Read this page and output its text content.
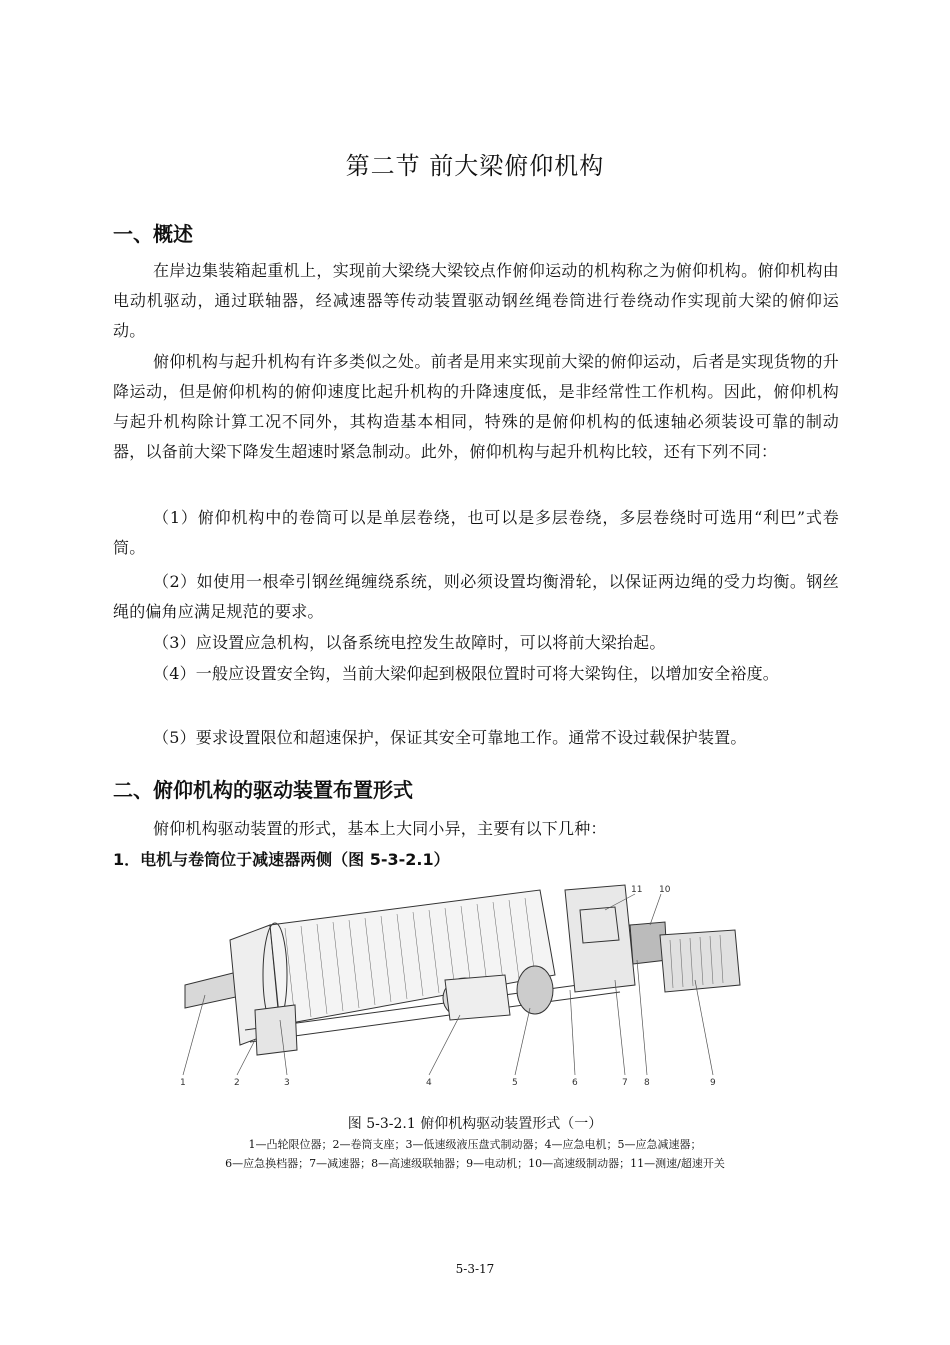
第二节 前大梁俯仰机构
一、概述

在岸边集装箱起重机上，实现前大梁绕大梁铰点作俯仰运动的机构称之为俯仰机构。俯仰机构由电动机驱动，通过联轴器，经减速器等传动装置驱动钢丝绳卷筒进行卷绕动作实现前大梁的俯仰运动。

俯仰机构与起升机构有许多类似之处。前者是用来实现前大梁的俯仰运动，后者是实现货物的升降运动，但是俯仰机构的俯仰速度比起升机构的升降速度低，是非经常性工作机构。因此，俯仰机构与起升机构除计算工况不同外，其构造基本相同，特殊的是俯仰机构的低速轴必须装设可靠的制动器，以备前大梁下降发生超速时紧急制动。此外，俯仰机构与起升机构比较，还有下列不同：

（1）俯仰机构中的卷筒可以是单层卷绕，也可以是多层卷绕，多层卷绕时可选用“利巴”式卷筒。

（2）如使用一根牵引钢丝绳缠绕系统，则必须设置均衡滑轮，以保证两边绳的受力均衡。钢丝绳的偏角应满足规范的要求。

（3）应设置应急机构，以备系统电控发生故障时，可以将前大梁抬起。

（4）一般应设置安全钩，当前大梁仰起到极限位置时可将大梁钩住，以增加安全裕度。

（5）要求设置限位和超速保护，保证其安全可靠地工作。通常不设过载保护装置。

二、俯仰机构的驱动装置布置形式

俯仰机构驱动装置的形式，基本上大同小异，主要有以下几种：

1．电机与卷筒位于减速器两侧（图 5-3-2.1）
1	2	3	4	5	6	7 8	9
10
11
图 5-3-2.1 俯仰机构驱动装置形式（一）
1—凸轮限位器；2—卷筒支座；3—低速级液压盘式制动器；4—应急电机；5—应急减速器；
6—应急换档器；7—减速器；8—高速级联轴器；9—电动机；10—高速级制动器；11—测速/超速开关
5-3-17
